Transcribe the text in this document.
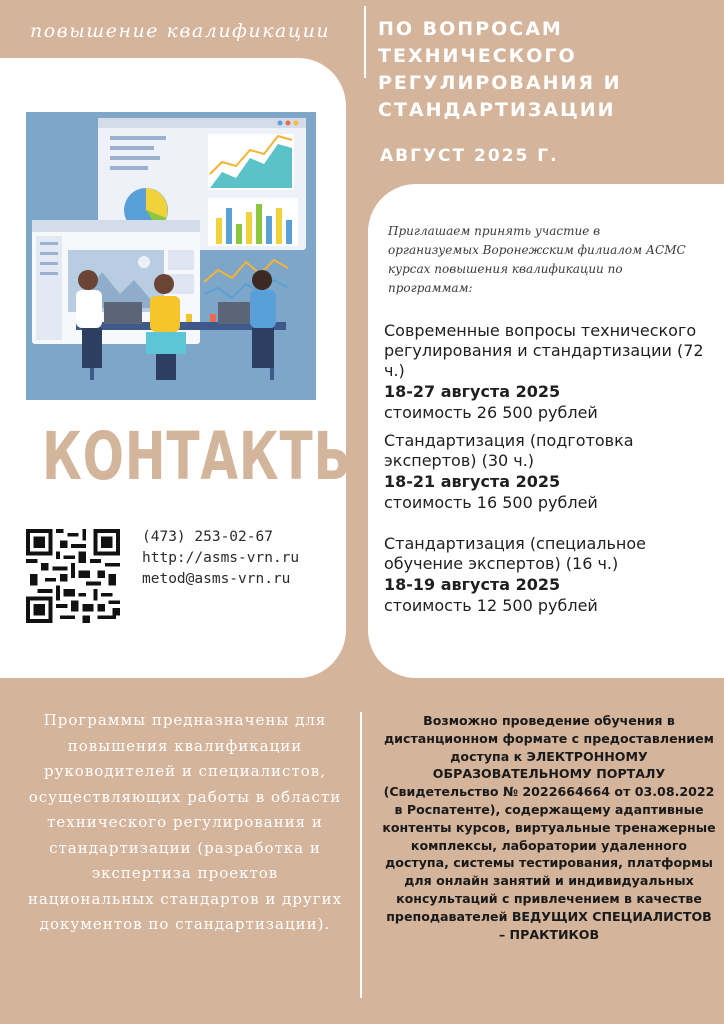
повышение квалификации	ПО ВОПРОСАМ ТЕХНИЧЕСКОГО РЕГУЛИРОВАНИЯ И СТАНДАРТИЗАЦИИ
АВГУСТ 2025 Г.
КОНТАКТЫ
(473) 253-02-67
http://asms-vrn.ru
metod@asms-vrn.ru
Приглашаем принять участие в организуемых Воронежским филиалом АСМС курсах повышения квалификации по программам:
Современные вопросы технического регулирования и стандартизации (72 ч.)
18-27 августа 2025
стоимость 26 500 рублей
Стандартизация (подготовка экспертов) (30 ч.)
18-21 августа 2025
стоимость 16 500 рублей
Стандартизация (специальное обучение экспертов) (16 ч.)
18-19 августа 2025
стоимость 12 500 рублей
Программы предназначены для повышения квалификации руководителей и специалистов, осуществляющих работы в области технического регулирования и стандартизации (разработка и экспертиза проектов национальных стандартов и других документов по стандартизации).
Возможно проведение обучения в дистанционном формате с предоставлением доступа к ЭЛЕКТРОННОМУ ОБРАЗОВАТЕЛЬНОМУ ПОРТАЛУ (Свидетельство № 2022664664 от 03.08.2022 в Роспатенте), содержащему адаптивные контенты курсов, виртуальные тренажерные комплексы, лаборатории удаленного доступа, системы тестирования, платформы для онлайн занятий и индивидуальных консультаций с привлечением в качестве преподавателей ВЕДУЩИХ СПЕЦИАЛИСТОВ – ПРАКТИКОВ
